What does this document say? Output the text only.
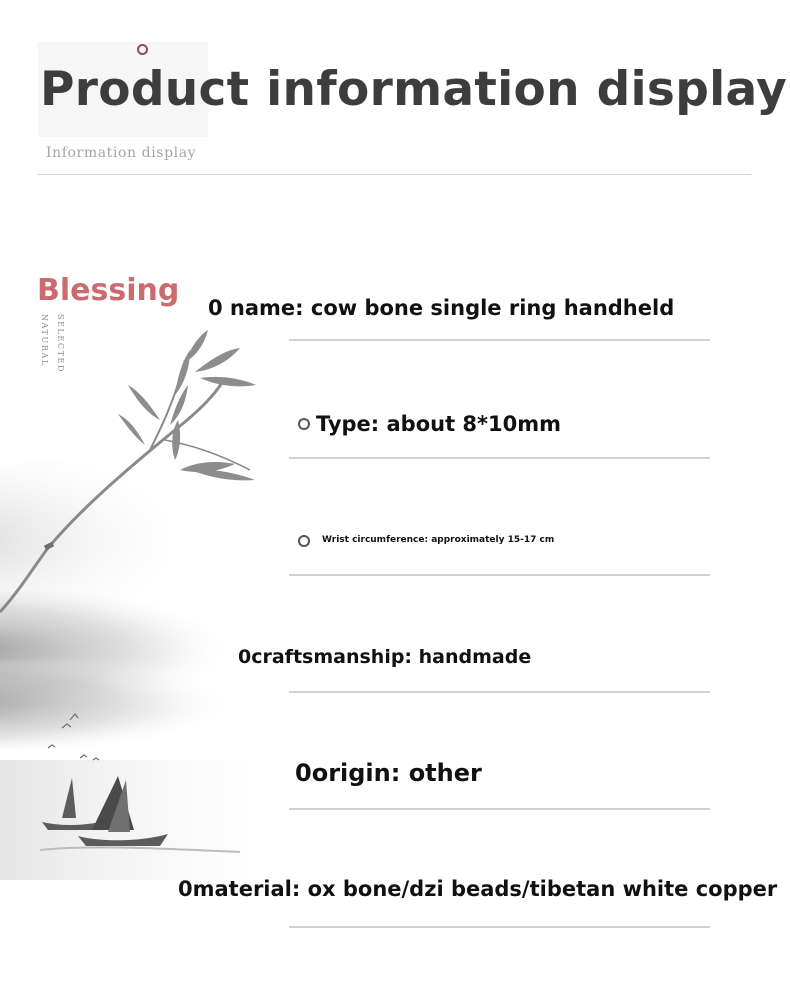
Product information display
Information display
Blessing
NATURAL SELECTED
0 name: cow bone single ring handheld
Type: about 8*10mm
Wrist circumference: approximately 15-17 cm
0craftsmanship: handmade
0origin: other
0material: ox bone/dzi beads/tibetan white copper
